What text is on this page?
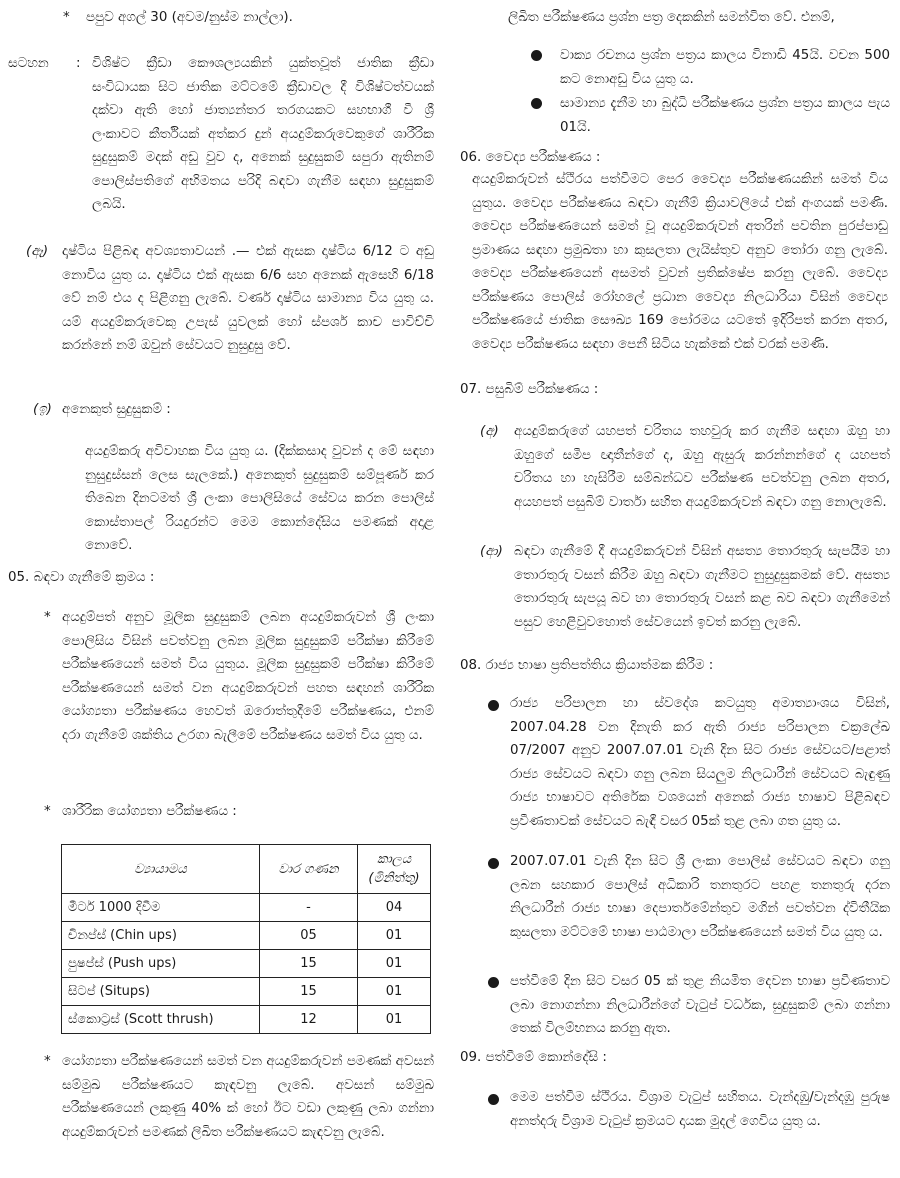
* පපුව අගල් 30 (අවම/නුස්ම නාල්ලා).

සටහන : විශිෂ්ට ක්‍රීඩා කෞශල්‍යයකින් යුක්තවූත් ජාතික ක්‍රීඩා සංවිධායක සිට ජාතික මට්ටමේ ක්‍රීඩාවල දී විශිෂ්ටත්වයක් දක්වා ඇති හෝ ජාත්‍යන්තර තරගයකට සහභාගී වී ශ්‍රී ලංකාවට කීර්තියක් අත්කර දුන් අයදුම්කරුවෙකුගේ ශාරීරික සුදුසුකම් මදක් අඩු වුව ද, අනෙක් සුදුසුකම් සපුරා ඇතිනම් පොලිස්පතිගේ අභිමතය පරිදි බඳවා ගැනීම සඳහා සුදුසුකම් ලබයි.

(ඈ) දෘෂ්ටිය පිළිබඳ අවශ්‍යතාවයන් .— එක් ඇසක දෘෂ්ටිය 6/12 ට අඩු නොවිය යුතු ය. දෘෂ්ටිය එක් ඇසක 6/6 සහ අනෙක් ඇසෙහි 6/18 වේ නම් එය ද පිළිගනු ලැබේ. වර්ණ දෘෂ්ටිය සාමාන්‍ය විය යුතු ය. යම් අයදුම්කරුවෙකු උපැස් යුවලක් හෝ ස්පර්ශ කාච පාවිච්චි කරන්නේ නම් ඔවුන් සේවයට නුසුදුසු වේ.

(ඉ) අනෙකුත් සුදුසුකම් :

අයදුම්කරු අවිවාහක විය යුතු ය. (දික්කසාද වුවන් ද මේ සඳහා නුසුදුස්සන් ලෙස සැලකේ.) අනෙකුත් සුදුසුකම් සම්පූර්ණ කර තිබෙන දිනටමත් ශ්‍රී ලංකා පොලිසියේ සේවය කරන පොලිස් කොස්තාපල් රියදුරන්ට මෙම කොන්දේසිය පමණක් අදාළ නොවේ.

05. බඳවා ගැනීමේ ක්‍රමය :

* අයදුම්පත් අනුව මූලික සුදුසුකම් ලබන අයදුම්කරුවන් ශ්‍රී ලංකා පොලිසිය විසින් පවත්වනු ලබන මූලික සුදුසුකම් පරීක්ෂා කිරීමේ පරීක්ෂණයෙන් සමත් විය යුතුය. මූලික සුදුසුකම් පරීක්ෂා කිරීමේ පරීක්ෂණයෙන් සමත් වන අයදුම්කරුවන් පහත සඳහන් ශාරීරික යෝග්‍යතා පරීක්ෂණය හෙවත් ඔරොත්තුදීමේ පරීක්ෂණය, එනම් දරා ගැනීමේ ශක්තිය උරගා බැලීමේ පරීක්ෂණය සමත් විය යුතු ය.

* ශාරීරික යෝග්‍යතා පරීක්ෂණය :

ව්‍යායාමය	වාර ගණන	කාලය (මිනිත්තු)
මීටර් 1000 දිවීම	-	04
චිනප්ස් (Chin ups)	05	01
පුෂප්ස් (Push ups)	15	01
සිටප් (Situps)	15	01
ස්කොට්‍රස් (Scott thrush)	12	01
* යෝග්‍යතා පරීක්ෂණයෙන් සමත් වන අයදුම්කරුවන් පමණක් අවසන් සම්මුඛ පරීක්ෂණයට කැඳවනු ලැබේ. අවසන් සම්මුඛ පරීක්ෂණයෙන් ලකුණු 40% ක් හෝ ඊට වඩා ලකුණු ලබා ගන්නා අයදුම්කරුවන් පමණක් ලිඛිත පරීක්ෂණයට කැඳවනු ලැබේ.

ලිඛිත පරීක්ෂණය ප්‍රශ්න පත්‍ර දෙකකින් සමන්විත වේ. එනම්,

වාක්‍ය රචනය ප්‍රශ්න පත්‍රය කාලය විනාඩි 45යි. වචන 500 කට නොඅඩු විය යුතු ය.

සාමාන්‍ය දැනීම හා බුද්ධි පරීක්ෂණය ප්‍රශ්න පත්‍රය කාලය පැය 01යි.

06. වෛද්‍ය පරීක්ෂණය :

අයදුම්කරුවන් ස්ථිරය පත්වීමට පෙර වෛද්‍ය පරීක්ෂණයකින් සමත් විය යුතුය. වෛද්‍ය පරීක්ෂණය බඳවා ගැනීම් ක්‍රියාවලියේ එක් අංගයක් පමණි. වෛද්‍ය පරීක්ෂණයෙන් සමත් වූ අයදුම්කරුවන් අතරින් පවතින පුරප්පාඩු ප්‍රමාණය සඳහා ප්‍රමුඛතා හා කුසලතා ලැයිස්තුව අනුව තෝරා ගනු ලැබේ. වෛද්‍ය පරීක්ෂණයෙන් අසමත් වුවන් ප්‍රතික්ෂේප කරනු ලැබේ. වෛද්‍ය පරීක්ෂණය පොලිස් රෝහලේ ප්‍රධාන වෛද්‍ය නිලධාරියා විසින් වෛද්‍ය පරීක්ෂණයේ ජාතික සෞඛ්‍ය 169 පෝරමය යටතේ ඉදිරිපත් කරන අතර, වෛද්‍ය පරීක්ෂණය සඳහා පෙනී සිටිය හැක්කේ එක් වරක් පමණි.

07. පසුබිම් පරීක්ෂණය :

(අ) අයදුම්කරුගේ යහපත් චරිතය තහවුරු කර ගැනීම සඳහා ඔහු හා ඔහුගේ සමීප ඥාතීන්ගේ ද, ඔහු ඇසුරු කරන්නන්ගේ ද යහපත් චරිතය හා හැසිරීම සම්බන්ධව පරීක්ෂණ පවත්වනු ලබන අතර, අයහපත් පසුබිම් වාර්තා සහිත අයදුම්කරුවන් බඳවා ගනු නොලැබේ.

(ආ) බඳවා ගැනීමේ දී අයදුම්කරුවන් විසින් අසත්‍ය තොරතුරු සැපයීම හා තොරතුරු වසන් කිරීම ඔහු බඳවා ගැනීමට නුසුදුසුකමක් වේ. අසත්‍ය තොරතුරු සැපයූ බව හා තොරතුරු වසන් කළ බව බඳවා ගැනීමෙන් පසුව හෙළිවුවහොත් සේවයෙන් ඉවත් කරනු ලැබේ.

08. රාජ්‍ය භාෂා ප්‍රතිපත්තිය ක්‍රියාත්මක කිරීම :

රාජ්‍ය පරිපාලන හා ස්වදේශ කටයුතු අමාත්‍යාංශය විසින්, 2007.04.28 වන දිනැති කර ඇති රාජ්‍ය පරිපාලන චක්‍රලේඛ 07/2007 අනුව 2007.07.01 වැනි දින සිට රාජ්‍ය සේවයට/පළාත් රාජ්‍ය සේවයට බඳවා ගනු ලබන සියලුම නිලධාරීන් සේවයට බැඳුණු රාජ්‍ය භාෂාවට අතිරේක වශයෙන් අනෙක් රාජ්‍ය භාෂාව පිළිබඳව ප්‍රවීණතාවක් සේවයට බැඳී වසර 05ක් තුළ ලබා ගත යුතු ය.

2007.07.01 වැනි දින සිට ශ්‍රී ලංකා පොලිස් සේවයට බඳවා ගනු ලබන සහකාර පොලිස් අධිකාරි තනතුරට පහළ තනතුරු දරන නිලධාරීන් රාජ්‍ය භාෂා දෙපාර්තමේන්තුව මගින් පවත්වන ද්විතීයික කුසලතා මට්ටමේ භාෂා පාඨමාලා පරීක්ෂණයෙන් සමත් විය යුතු ය.

පත්වීමේ දින සිට වසර 05 ක් තුළ නියමිත දෙවන භාෂා ප්‍රවීණතාව ලබා නොගන්නා නිලධාරීන්ගේ වැටුප් වර්ධක, සුදුසුකම් ලබා ගන්නා තෙක් විලම්භනය කරනු ඇත.

09. පත්වීමේ කොන්දේසි :

මෙම පත්වීම ස්ථිරය. විශ්‍රාම වැටුප් සහිතය. වැන්දඹු/වැන්දඹු පුරුෂ අනත්දරු විශ්‍රාම වැටුප් ක්‍රමයට දායක මුදල් ගෙවිය යුතු ය.
